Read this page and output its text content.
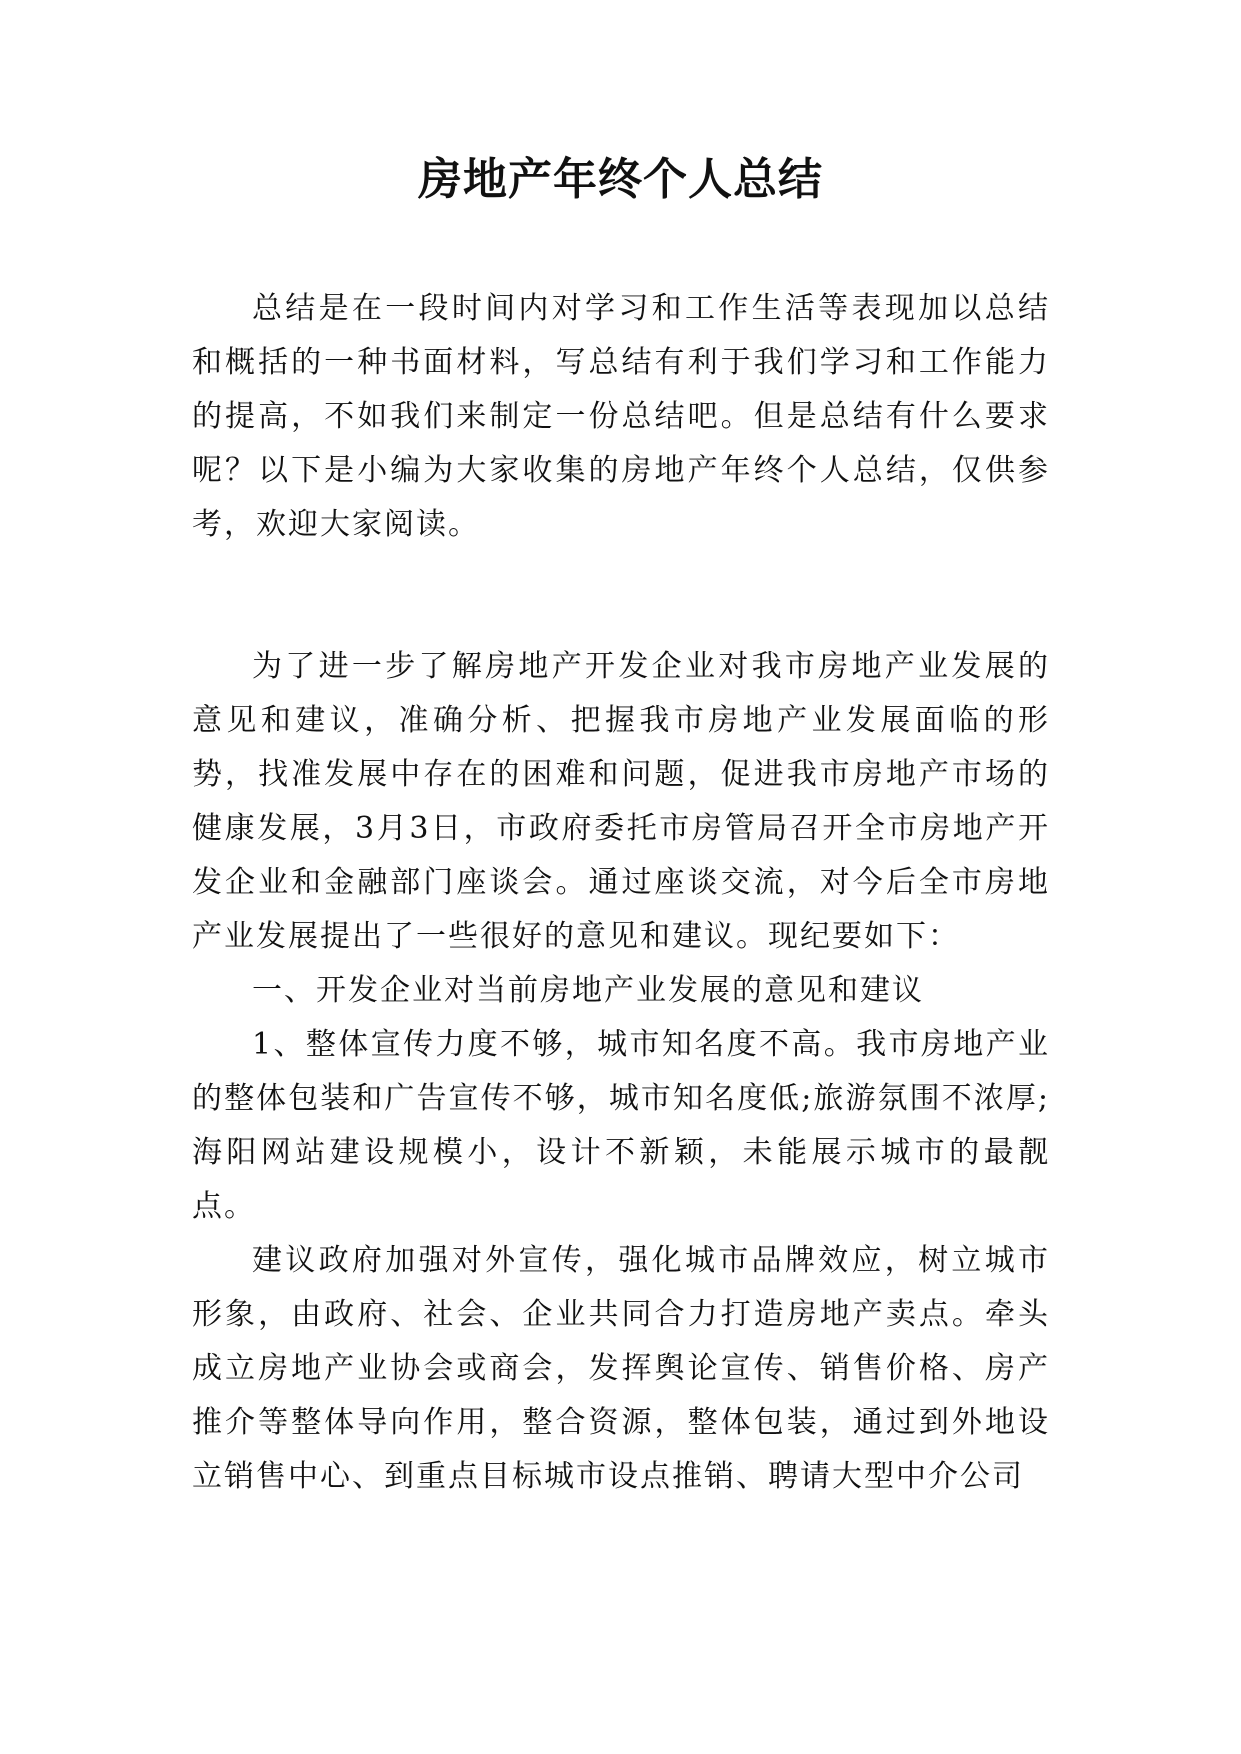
房地产年终个人总结

总结是在一段时间内对学习和工作生活等表现加以总结和概括的一种书面材料，写总结有利于我们学习和工作能力的提高，不如我们来制定一份总结吧。但是总结有什么要求呢？以下是小编为大家收集的房地产年终个人总结，仅供参考，欢迎大家阅读。

为了进一步了解房地产开发企业对我市房地产业发展的意见和建议，准确分析、把握我市房地产业发展面临的形势，找准发展中存在的困难和问题，促进我市房地产市场的健康发展，3月3日，市政府委托市房管局召开全市房地产开发企业和金融部门座谈会。通过座谈交流，对今后全市房地产业发展提出了一些很好的意见和建议。现纪要如下：

一、开发企业对当前房地产业发展的意见和建议

1、整体宣传力度不够，城市知名度不高。我市房地产业的整体包装和广告宣传不够，城市知名度低;旅游氛围不浓厚;海阳网站建设规模小，设计不新颖，未能展示城市的最靓点。

建议政府加强对外宣传，强化城市品牌效应，树立城市形象，由政府、社会、企业共同合力打造房地产卖点。牵头成立房地产业协会或商会，发挥舆论宣传、销售价格、房产推介等整体导向作用，整合资源，整体包装，通过到外地设立销售中心、到重点目标城市设点推销、聘请大型中介公司
